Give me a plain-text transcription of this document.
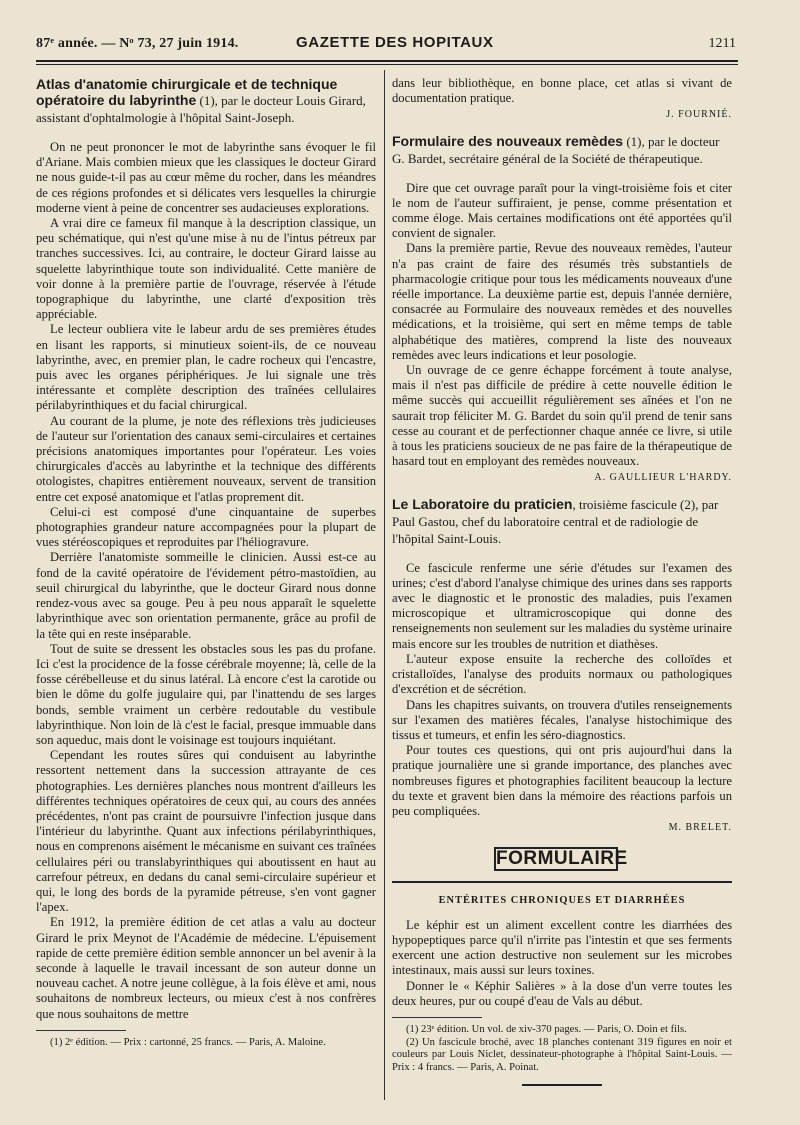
87ᵉ année. — Nᵒ 73, 27 juin 1914.	GAZETTE DES HOPITAUX	1211
Atlas d'anatomie chirurgicale et de technique opératoire du labyrinthe (1), par le docteur Louis Girard, assistant d'ophtalmologie à l'hôpital Saint-Joseph.

On ne peut prononcer le mot de labyrinthe sans évoquer le fil d'Ariane. Mais combien mieux que les classiques le docteur Girard ne nous guide-t-il pas au cœur même du rocher, dans les méandres de ces régions profondes et si délicates vers lesquelles la chirurgie moderne vient à peine de concentrer ses audacieuses explorations.

A vrai dire ce fameux fil manque à la description classique, un peu schématique, qui n'est qu'une mise à nu de l'intus pétreux par tranches successives. Ici, au contraire, le docteur Girard laisse au squelette labyrinthique toute son individualité. Cette manière de voir donne à la première partie de l'ouvrage, réservée à l'étude topographique du labyrinthe, une clarté d'exposition très appréciable.

Le lecteur oubliera vite le labeur ardu de ses premières études en lisant les rapports, si minutieux soient-ils, de ce nouveau labyrinthe, avec, en premier plan, le cadre rocheux qui l'encastre, puis avec les organes périphériques. Je lui signale une très intéressante et complète description des traînées cellulaires périlabyrinthiques et du facial chirurgical.

Au courant de la plume, je note des réflexions très judicieuses de l'auteur sur l'orientation des canaux semi-circulaires et certaines précisions anatomiques importantes pour l'opérateur. Les voies chirurgicales d'accès au labyrinthe et la technique des différents otologistes, chapitres entièrement nouveaux, servent de transition entre cet exposé anatomique et l'atlas proprement dit.

Celui-ci est composé d'une cinquantaine de superbes photographies grandeur nature accompagnées pour la plupart de vues stéréoscopiques et reproduites par l'héliogravure.

Derrière l'anatomiste sommeille le clinicien. Aussi est-ce au fond de la cavité opératoire de l'évidement pétro-mastoïdien, au seuil chirurgical du labyrinthe, que le docteur Girard nous donne rendez-vous avec sa gouge. Peu à peu nous apparaît le squelette labyrinthique avec son orientation permanente, grâce au profil de la tête qui en reste inséparable.

Tout de suite se dressent les obstacles sous les pas du profane. Ici c'est la procidence de la fosse cérébrale moyenne; là, celle de la fosse cérébelleuse et du sinus latéral. Là encore c'est la carotide ou bien le dôme du golfe jugulaire qui, par l'inattendu de ses larges bonds, semble vraiment un cerbère redoutable du vestibule labyrinthique. Non loin de là c'est le facial, presque immuable dans son aqueduc, mais dont le voisinage est toujours inquiétant.

Cependant les routes sûres qui conduisent au labyrinthe ressortent nettement dans la succession attrayante de ces photographies. Les dernières planches nous montrent d'ailleurs les différentes techniques opératoires de ceux qui, au cours des années précédentes, n'ont pas craint de poursuivre l'infection jusque dans l'intérieur du labyrinthe. Quant aux infections périlabyrinthiques, nous en comprenons aisément le mécanisme en suivant ces traînées cellulaires péri ou translabyrinthiques qui aboutissent en haut au carrefour pétreux, en dedans du canal semi-circulaire supérieur et qui, le long des bords de la pyramide pétreuse, s'en vont gagner l'apex.

En 1912, la première édition de cet atlas a valu au docteur Girard le prix Meynot de l'Académie de médecine. L'épuisement rapide de cette première édition semble annoncer un bel avenir à la seconde à laquelle le travail incessant de son auteur donne un nouveau cachet. A notre jeune collègue, à la fois élève et ami, nous souhaitons de nombreux lecteurs, ou mieux c'est à nos confrères que nous souhaitons de mettre

(1) 2ᵉ édition. — Prix : cartonné, 25 francs. — Paris, A. Maloine.

dans leur bibliothèque, en bonne place, cet atlas si vivant de documentation pratique.

J. FOURNIÉ.
Formulaire des nouveaux remèdes (1), par le docteur G. Bardet, secrétaire général de la Société de thérapeutique.

Dire que cet ouvrage paraît pour la vingt-troisième fois et citer le nom de l'auteur suffiraient, je pense, comme présentation et comme éloge. Mais certaines modifications ont été apportées qu'il convient de signaler.

Dans la première partie, Revue des nouveaux remèdes, l'auteur n'a pas craint de faire des résumés très substantiels de pharmacologie critique pour tous les médicaments nouveaux d'une réelle importance. La deuxième partie est, depuis l'année dernière, consacrée au Formulaire des nouveaux remèdes et des nouvelles médications, et la troisième, qui sert en même temps de table alphabétique des matières, comprend la liste des nouveaux remèdes avec leurs indications et leur posologie.

Un ouvrage de ce genre échappe forcément à toute analyse, mais il n'est pas difficile de prédire à cette nouvelle édition le même succès qui accueillit régulièrement ses aînées et l'on ne saurait trop féliciter M. G. Bardet du soin qu'il prend de tenir sans cesse au courant et de perfectionner chaque année ce livre, si utile à tous les praticiens soucieux de ne pas faire de la thérapeutique de hasard tout en employant des remèdes nouveaux.

A. GAULLIEUR L'HARDY.
Le Laboratoire du praticien, troisième fascicule (2), par Paul Gastou, chef du laboratoire central et de radiologie de l'hôpital Saint-Louis.

Ce fascicule renferme une série d'études sur l'examen des urines; c'est d'abord l'analyse chimique des urines dans ses rapports avec le diagnostic et le pronostic des maladies, puis l'examen microscopique et ultramicroscopique qui donne des renseignements non seulement sur les maladies du système urinaire mais encore sur les troubles de nutrition et diathèses.

L'auteur expose ensuite la recherche des colloïdes et cristalloïdes, l'analyse des produits normaux ou pathologiques d'excrétion et de sécrétion.

Dans les chapitres suivants, on trouvera d'utiles renseignements sur l'examen des matières fécales, l'analyse histochimique des tissus et tumeurs, et enfin les séro-diagnostics.

Pour toutes ces questions, qui ont pris aujourd'hui dans la pratique journalière une si grande importance, des planches avec nombreuses figures et photographies facilitent beaucoup la lecture du texte et gravent bien dans la mémoire des réactions parfois un peu compliquées.

M. BRELET.
FORMULAIRE
ENTÉRITES CHRONIQUES ET DIARRHÉES

Le képhir est un aliment excellent contre les diarrhées des hypopeptiques parce qu'il n'irrite pas l'intestin et que ses ferments exercent une action destructive non seulement sur les microbes intestinaux, mais aussi sur leurs toxines.

Donner le « Képhir Salières » à la dose d'un verre toutes les deux heures, pur ou coupé d'eau de Vals au début.

(1) 23ᵉ édition. Un vol. de xiv-370 pages. — Paris, O. Doin et fils.

(2) Un fascicule broché, avec 18 planches contenant 319 figures en noir et couleurs par Louis Niclet, dessinateur-photographe à l'hôpital Saint-Louis. — Prix : 4 francs. — Paris, A. Poinat.
